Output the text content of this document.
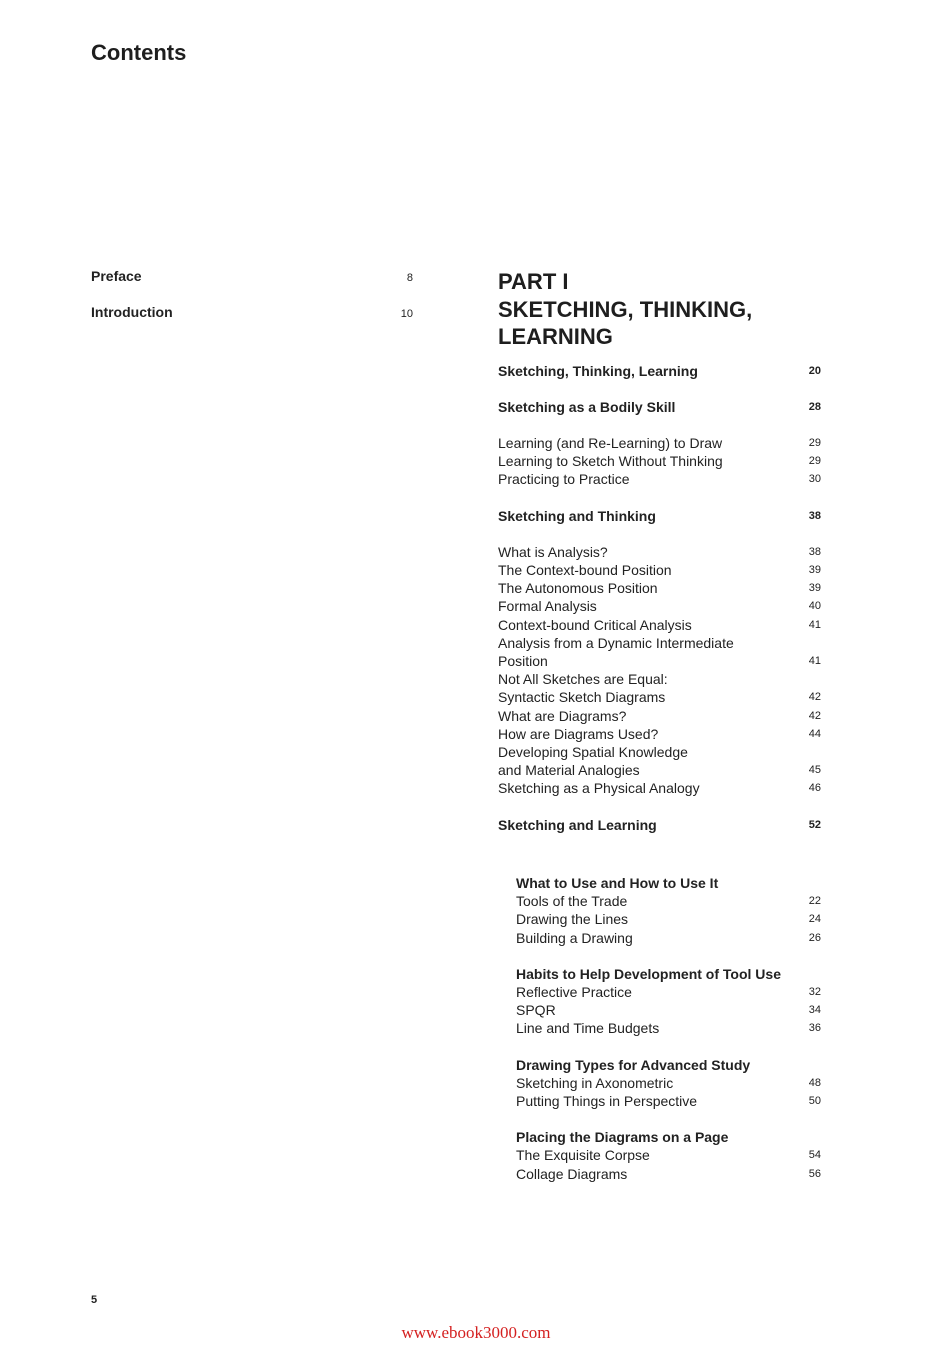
Contents
Preface	8
Introduction	10
PART I
SKETCHING, THINKING,
LEARNING
Sketching, Thinking, Learning	20
Sketching as a Bodily Skill	28
Learning (and Re-Learning) to Draw	29
Learning to Sketch Without Thinking	29
Practicing to Practice	30
Sketching and Thinking	38
What is Analysis?	38
The Context-bound Position	39
The Autonomous Position	39
Formal Analysis	40
Context-bound Critical Analysis	41
Analysis from a Dynamic Intermediate
Position	41
Not All Sketches are Equal:
Syntactic Sketch Diagrams	42
What are Diagrams?	42
How are Diagrams Used?	44
Developing Spatial Knowledge
and Material Analogies	45
Sketching as a Physical Analogy	46
Sketching and Learning	52
What to Use and How to Use It
Tools of the Trade	22
Drawing the Lines	24
Building a Drawing	26
Habits to Help Development of Tool Use
Reflective Practice	32
SPQR	34
Line and Time Budgets	36
Drawing Types for Advanced Study
Sketching in Axonometric	48
Putting Things in Perspective	50
Placing the Diagrams on a Page
The Exquisite Corpse	54
Collage Diagrams	56
5
www.ebook3000.com
